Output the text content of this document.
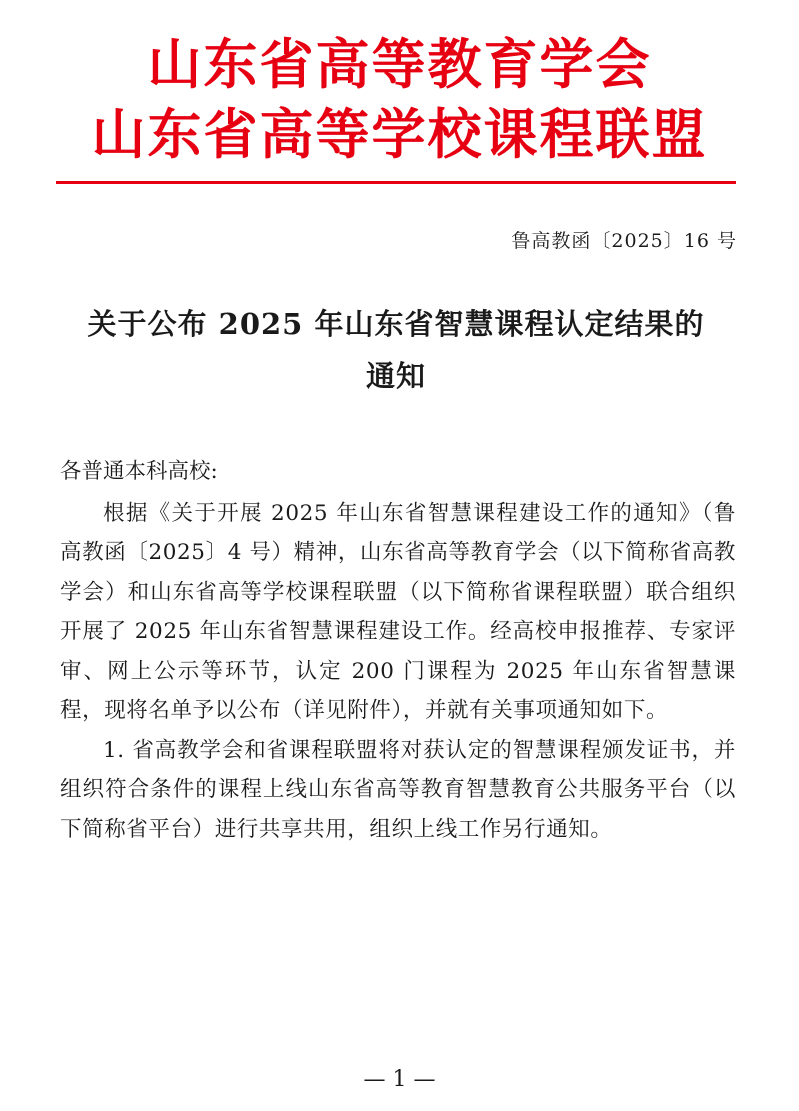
山东省高等教育学会
山东省高等学校课程联盟
鲁高教函〔2025〕16 号
关于公布 2025 年山东省智慧课程认定结果的
通知

各普通本科高校:

根据《关于开展 2025 年山东省智慧课程建设工作的通知》（鲁高教函〔2025〕4 号）精神，山东省高等教育学会（以下简称省高教学会）和山东省高等学校课程联盟（以下简称省课程联盟）联合组织开展了 2025 年山东省智慧课程建设工作。经高校申报推荐、专家评审、网上公示等环节，认定 200 门课程为 2025 年山东省智慧课程，现将名单予以公布（详见附件），并就有关事项通知如下。

1. 省高教学会和省课程联盟将对获认定的智慧课程颁发证书，并组织符合条件的课程上线山东省高等教育智慧教育公共服务平台（以下简称省平台）进行共享共用，组织上线工作另行通知。

— 1 —
